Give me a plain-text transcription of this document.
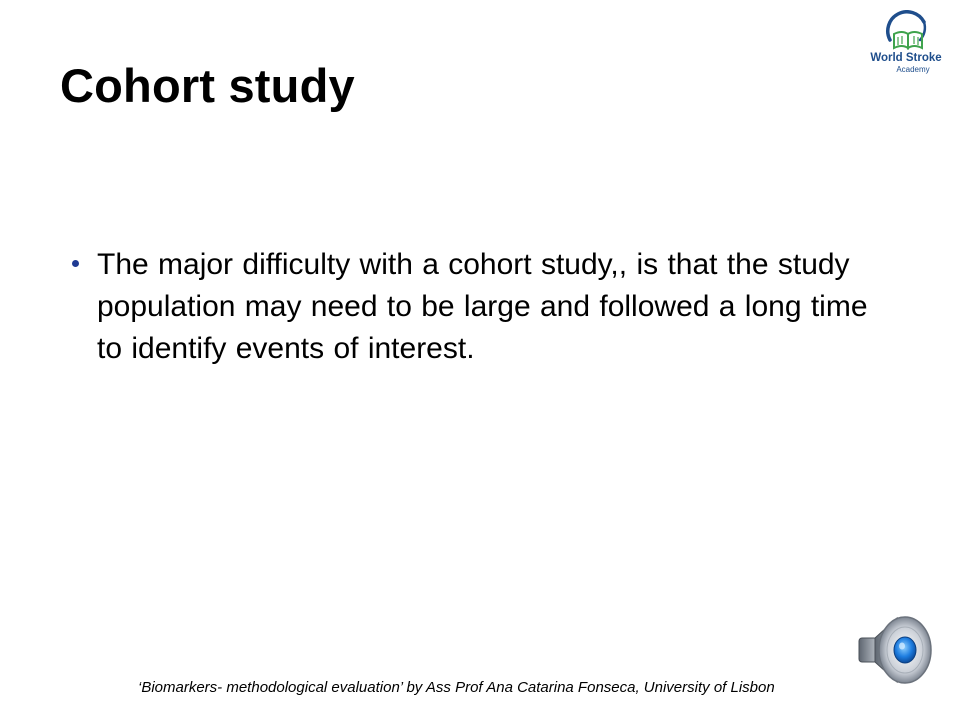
Cohort study
World Stroke
Academy
The major difficulty with a cohort study,, is that the study population may need to be large and followed a long time to identify events of interest.
‘Biomarkers- methodological evaluation’ by Ass Prof Ana Catarina Fonseca, University of Lisbon
